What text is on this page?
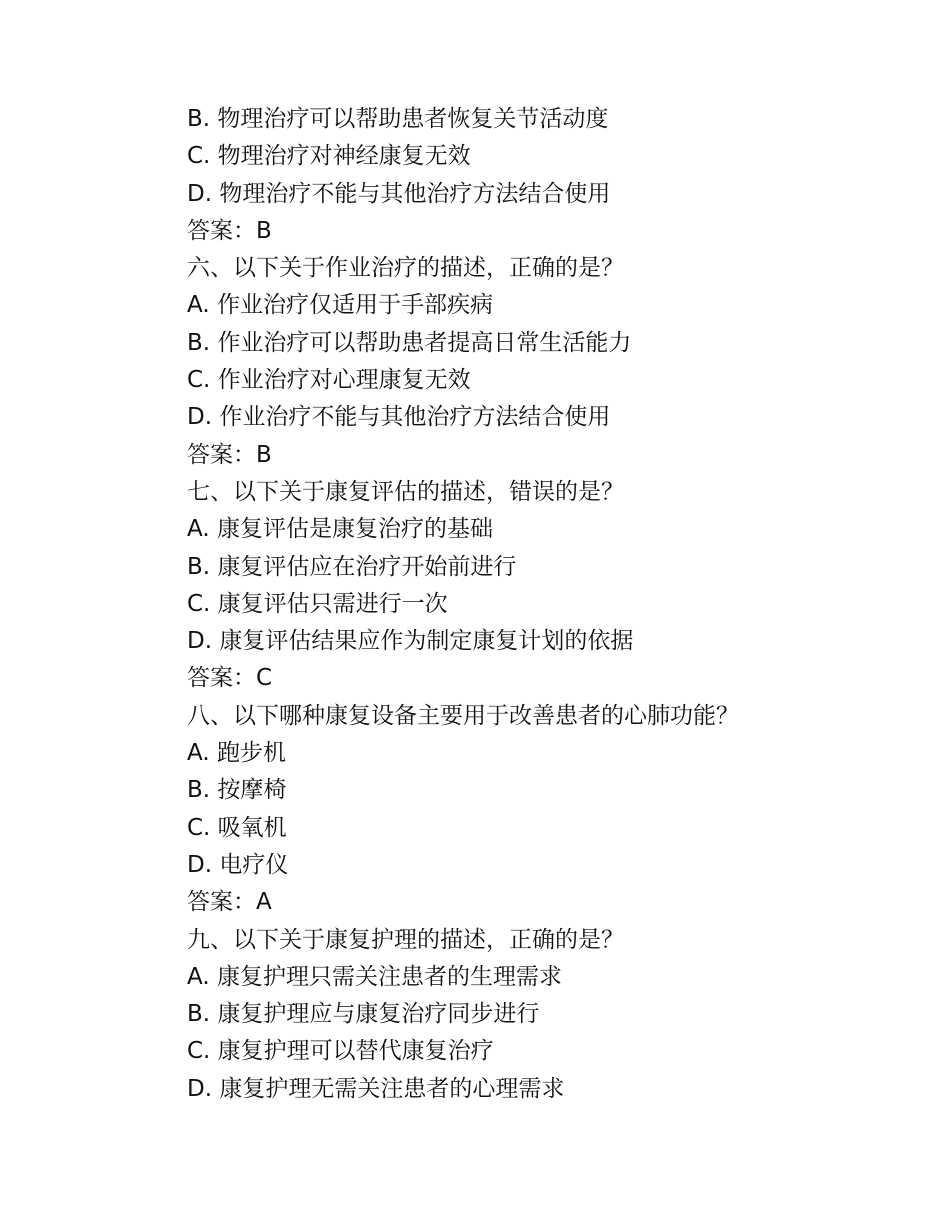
B. 物理治疗可以帮助患者恢复关节活动度
C. 物理治疗对神经康复无效
D. 物理治疗不能与其他治疗方法结合使用
答案：B
六、以下关于作业治疗的描述，正确的是？
A. 作业治疗仅适用于手部疾病
B. 作业治疗可以帮助患者提高日常生活能力
C. 作业治疗对心理康复无效
D. 作业治疗不能与其他治疗方法结合使用
答案：B
七、以下关于康复评估的描述，错误的是？
A. 康复评估是康复治疗的基础
B. 康复评估应在治疗开始前进行
C. 康复评估只需进行一次
D. 康复评估结果应作为制定康复计划的依据
答案：C
八、以下哪种康复设备主要用于改善患者的心肺功能？
A. 跑步机
B. 按摩椅
C. 吸氧机
D. 电疗仪
答案：A
九、以下关于康复护理的描述，正确的是？
A. 康复护理只需关注患者的生理需求
B. 康复护理应与康复治疗同步进行
C. 康复护理可以替代康复治疗
D. 康复护理无需关注患者的心理需求
